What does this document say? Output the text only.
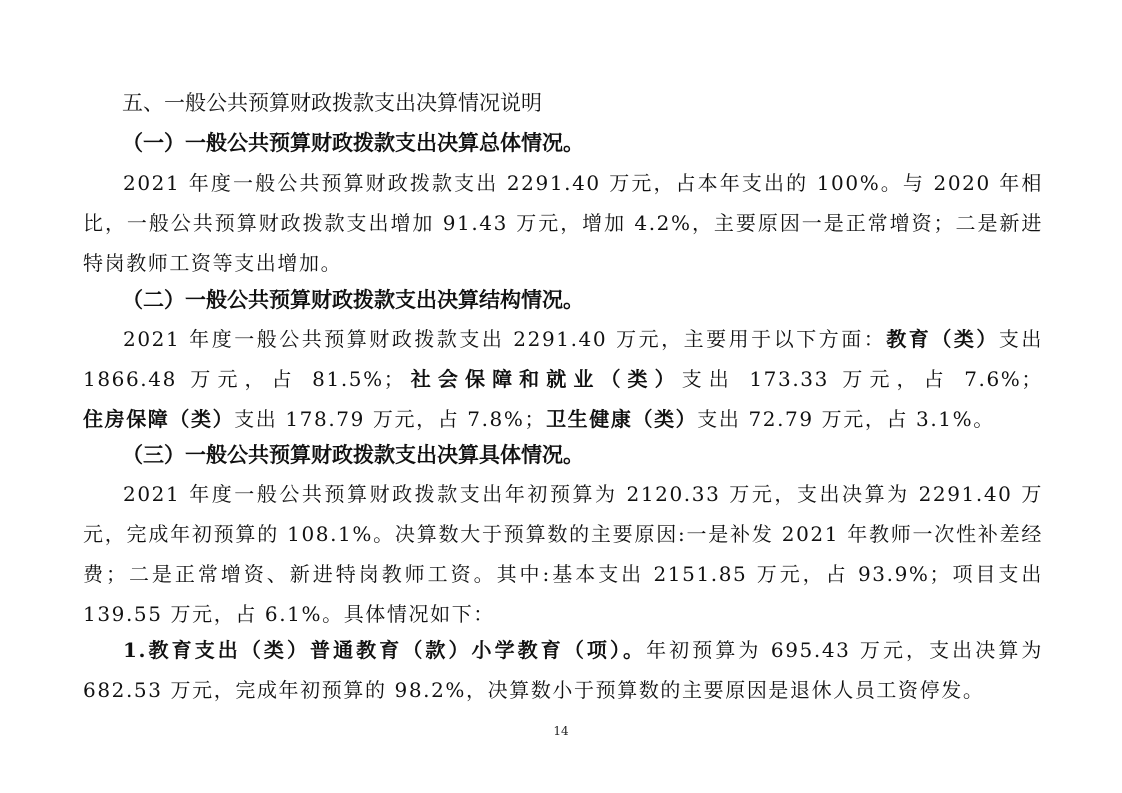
五、一般公共预算财政拨款支出决算情况说明
（一）一般公共预算财政拨款支出决算总体情况。
2021 年度一般公共预算财政拨款支出 2291.40 万元，占本年支出的 100%。与 2020 年相比，一般公共预算财政拨款支出增加 91.43 万元，增加 4.2%，主要原因一是正常增资；二是新进特岗教师工资等支出增加。
（二）一般公共预算财政拨款支出决算结构情况。
2021 年度一般公共预算财政拨款支出 2291.40 万元，主要用于以下方面：教育（类）支出 1866.48 万元，占 81.5%；社会保障和就业（类）支出 173.33 万元，占 7.6%；住房保障（类）支出 178.79 万元，占 7.8%；卫生健康（类）支出 72.79 万元，占 3.1%。
（三）一般公共预算财政拨款支出决算具体情况。
2021 年度一般公共预算财政拨款支出年初预算为 2120.33 万元，支出决算为 2291.40 万元，完成年初预算的 108.1%。决算数大于预算数的主要原因:一是补发 2021 年教师一次性补差经费；二是正常增资、新进特岗教师工资。其中:基本支出 2151.85 万元，占 93.9%；项目支出 139.55 万元，占 6.1%。具体情况如下：
1.教育支出（类）普通教育（款）小学教育（项）。年初预算为 695.43 万元，支出决算为 682.53 万元，完成年初预算的 98.2%，决算数小于预算数的主要原因是退休人员工资停发。
14
